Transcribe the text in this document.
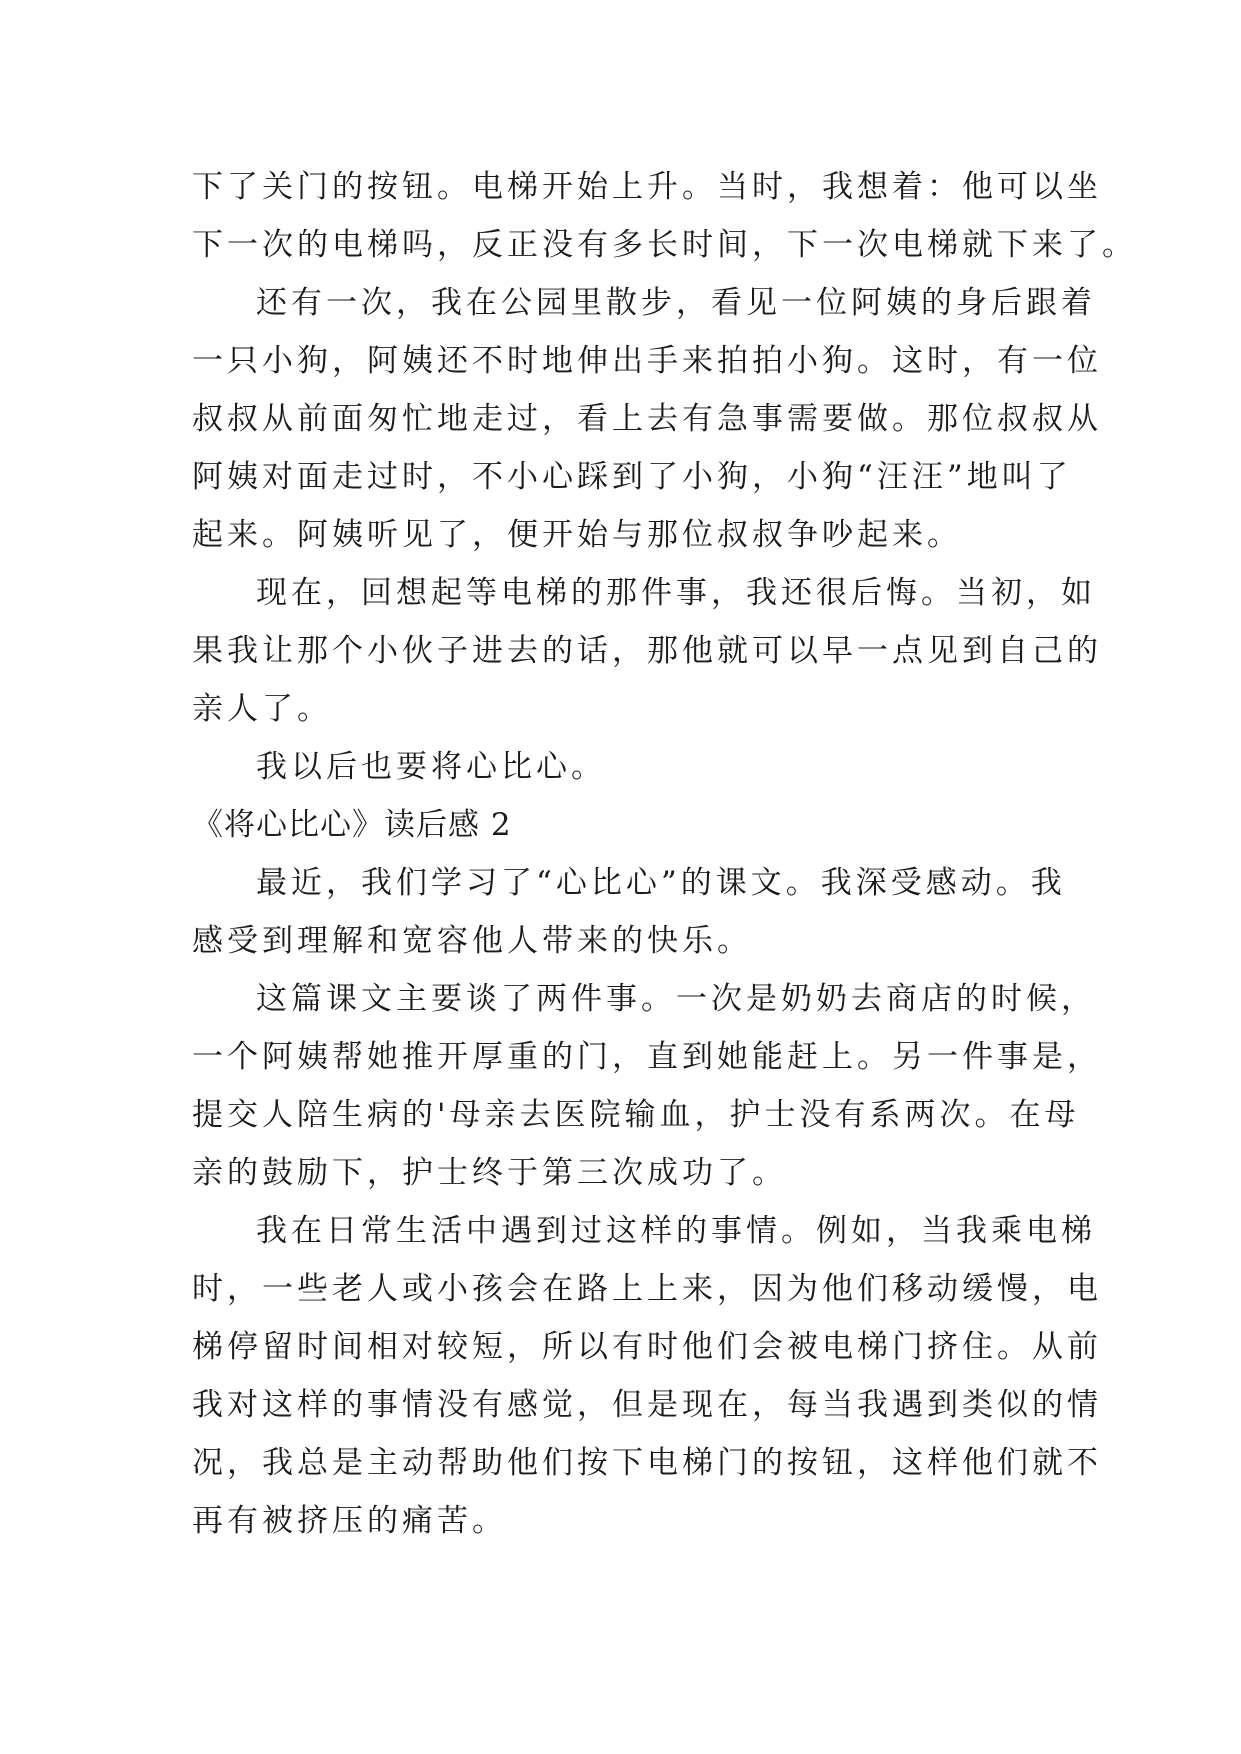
下了关门的按钮。电梯开始上升。当时，我想着：他可以坐
下一次的电梯吗，反正没有多长时间，下一次电梯就下来了。
还有一次，我在公园里散步，看见一位阿姨的身后跟着
一只小狗，阿姨还不时地伸出手来拍拍小狗。这时，有一位
叔叔从前面匆忙地走过，看上去有急事需要做。那位叔叔从
阿姨对面走过时，不小心踩到了小狗，小狗“汪汪”地叫了
起来。阿姨听见了，便开始与那位叔叔争吵起来。
现在，回想起等电梯的那件事，我还很后悔。当初，如
果我让那个小伙子进去的话，那他就可以早一点见到自己的
亲人了。
我以后也要将心比心。
《将心比心》读后感 2
最近，我们学习了“心比心”的课文。我深受感动。我
感受到理解和宽容他人带来的快乐。
这篇课文主要谈了两件事。一次是奶奶去商店的时候，
一个阿姨帮她推开厚重的门，直到她能赶上。另一件事是，
提交人陪生病的'母亲去医院输血，护士没有系两次。在母
亲的鼓励下，护士终于第三次成功了。
我在日常生活中遇到过这样的事情。例如，当我乘电梯
时，一些老人或小孩会在路上上来，因为他们移动缓慢，电
梯停留时间相对较短，所以有时他们会被电梯门挤住。从前
我对这样的事情没有感觉，但是现在，每当我遇到类似的情
况，我总是主动帮助他们按下电梯门的按钮，这样他们就不
再有被挤压的痛苦。
